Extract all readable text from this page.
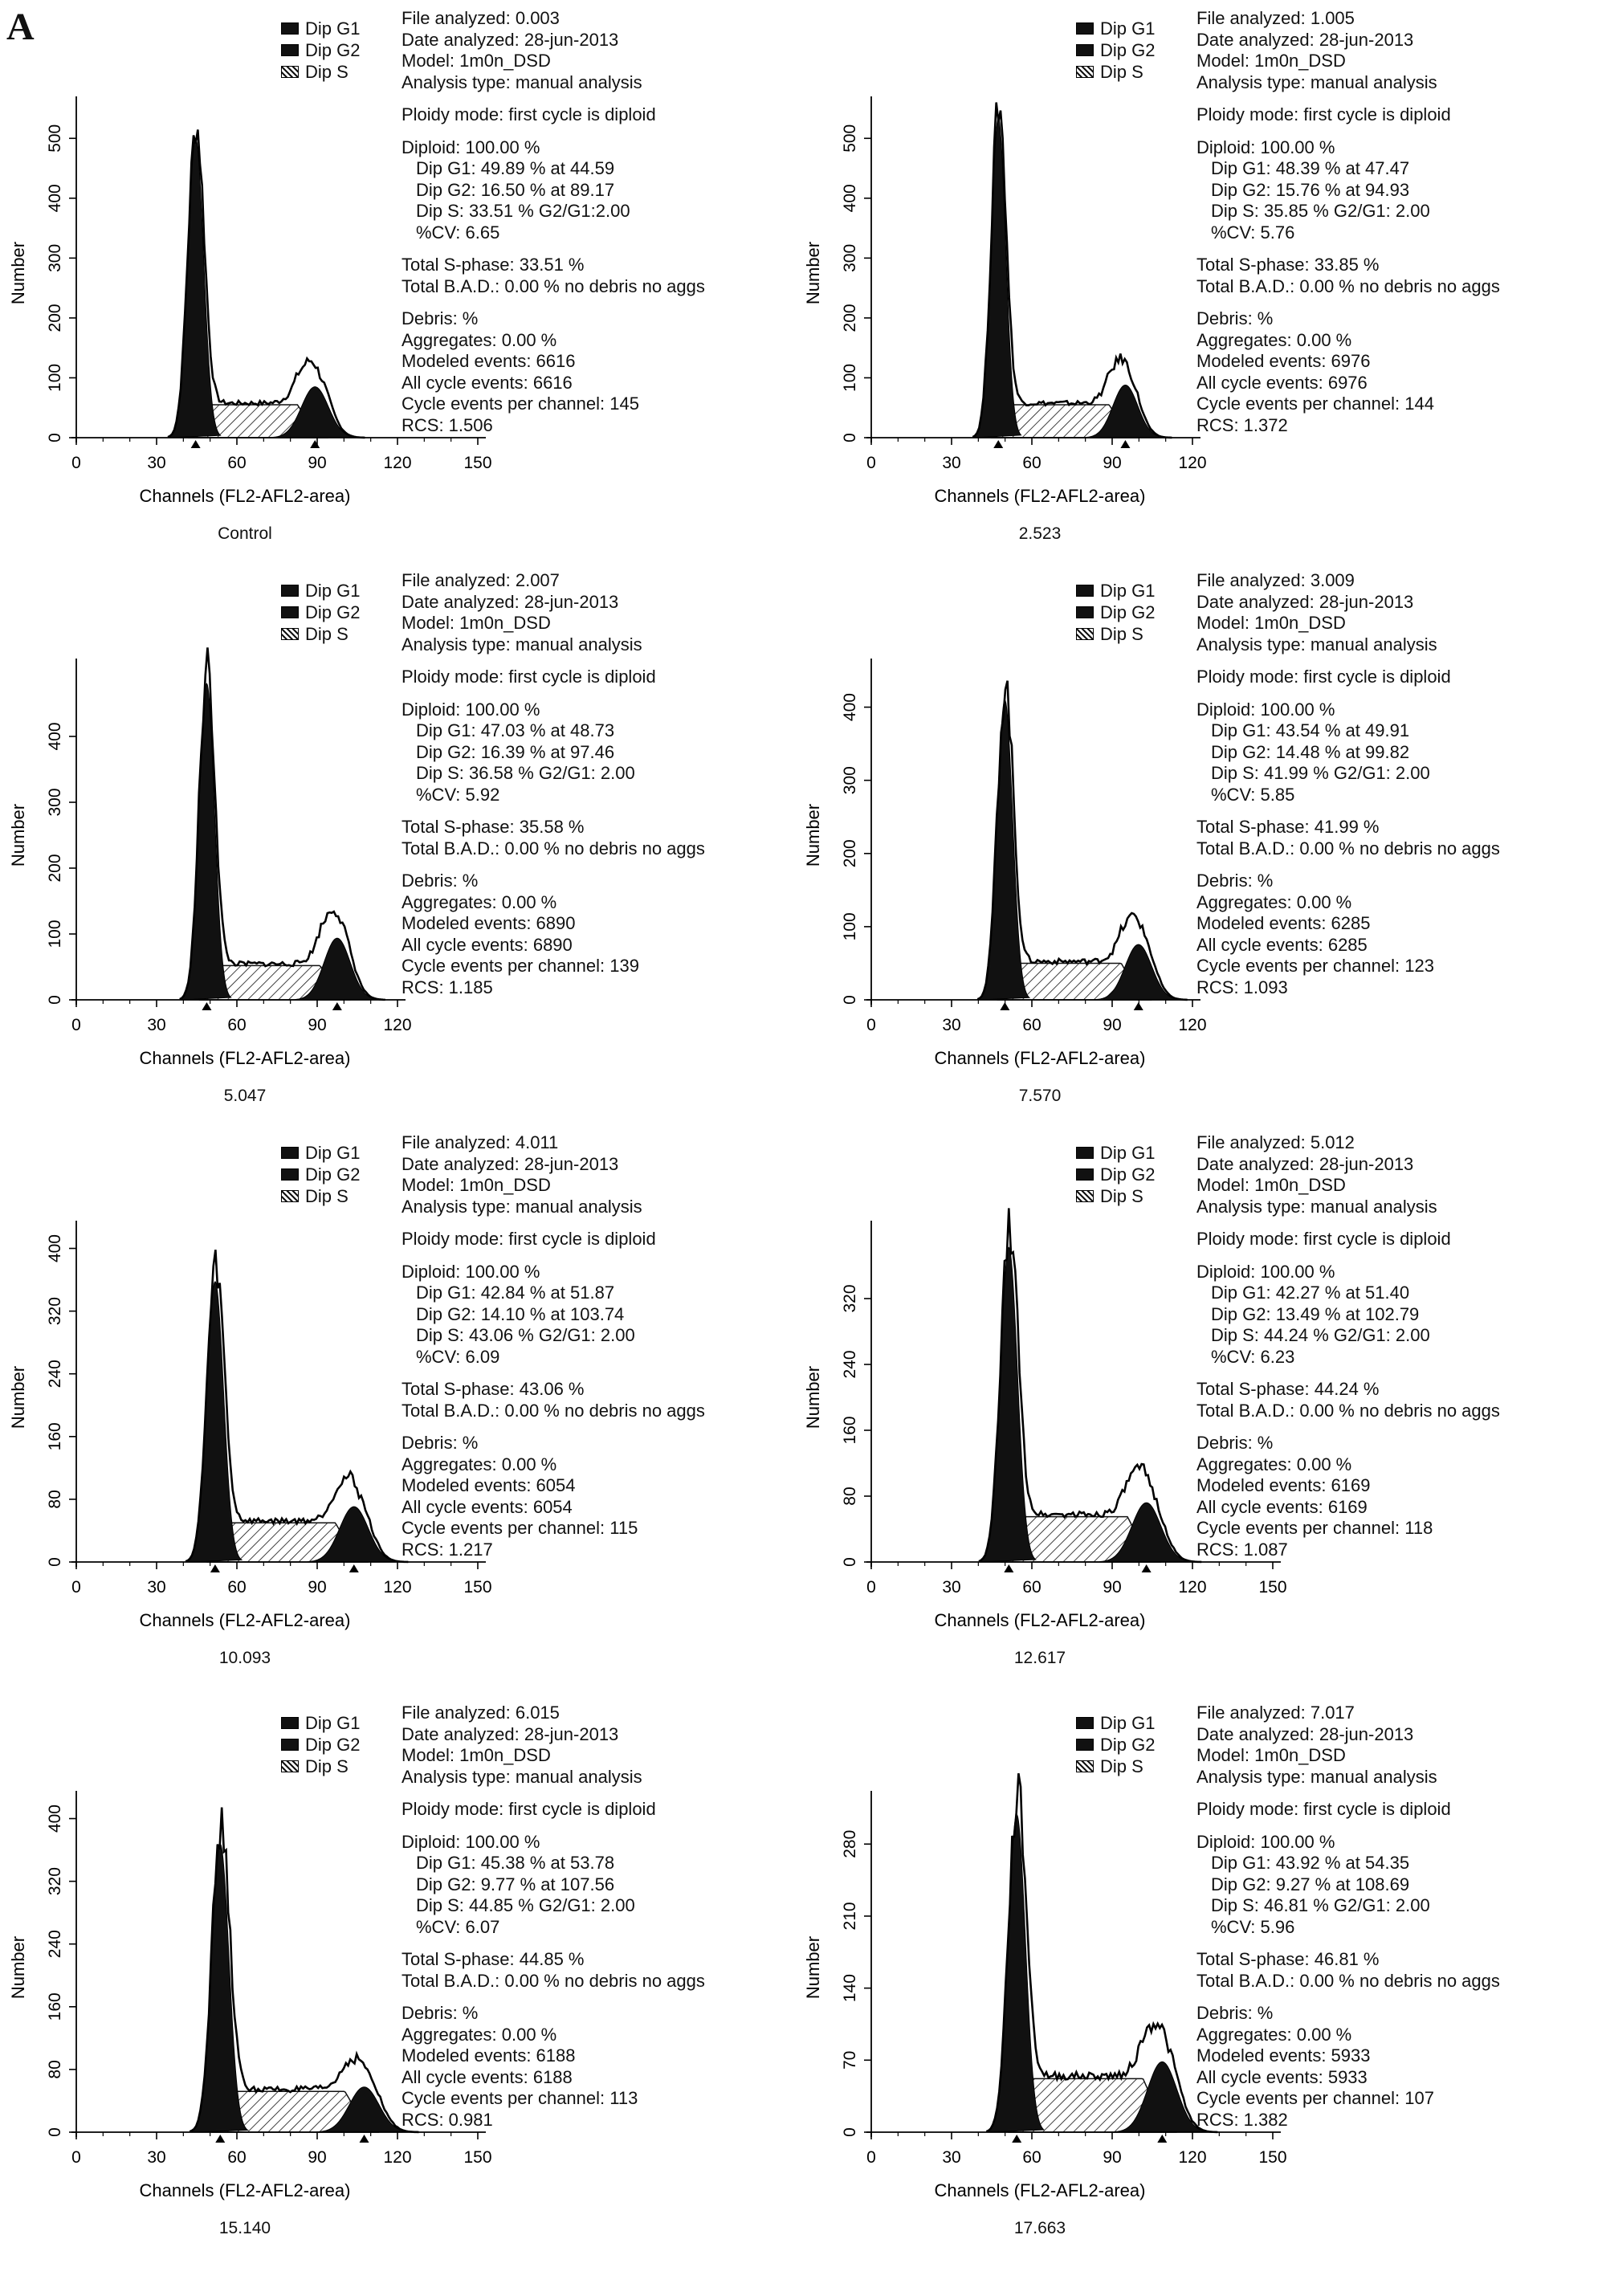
A
0	30	60	90	120	150
0
100
200
300
400
500
Channels (FL2-AFL2-area)
Number
Dip G1
Dip G2
Dip S
File analyzed: 0.003
Date analyzed: 28-jun-2013
Model: 1m0n_DSD
Analysis type: manual analysis
Ploidy mode: first cycle is diploid
Diploid: 100.00 %
Dip G1: 49.89 % at 44.59
Dip G2: 16.50 % at 89.17
Dip S: 33.51 % G2/G1:2.00
%CV: 6.65
Total S-phase: 33.51 %
Total B.A.D.: 0.00 % no debris no aggs
Debris: %
Aggregates: 0.00 %
Modeled events: 6616
All cycle events: 6616
Cycle events per channel: 145
RCS: 1.506
Control
0	30	60	90	120
0
100
200
300
400
500
Channels (FL2-AFL2-area)
Number
Dip G1
Dip G2
Dip S
File analyzed: 1.005
Date analyzed: 28-jun-2013
Model: 1m0n_DSD
Analysis type: manual analysis
Ploidy mode: first cycle is diploid
Diploid: 100.00 %
Dip G1: 48.39 % at 47.47
Dip G2: 15.76 % at 94.93
Dip S: 35.85 % G2/G1: 2.00
%CV: 5.76
Total S-phase: 33.85 %
Total B.A.D.: 0.00 % no debris no aggs
Debris: %
Aggregates: 0.00 %
Modeled events: 6976
All cycle events: 6976
Cycle events per channel: 144
RCS: 1.372
2.523
0	30	60	90	120
0
100
200
300
400
Channels (FL2-AFL2-area)
Number
Dip G1
Dip G2
Dip S
File analyzed: 2.007
Date analyzed: 28-jun-2013
Model: 1m0n_DSD
Analysis type: manual analysis
Ploidy mode: first cycle is diploid
Diploid: 100.00 %
Dip G1: 47.03 % at 48.73
Dip G2: 16.39 % at 97.46
Dip S: 36.58 % G2/G1: 2.00
%CV: 5.92
Total S-phase: 35.58 %
Total B.A.D.: 0.00 % no debris no aggs
Debris: %
Aggregates: 0.00 %
Modeled events: 6890
All cycle events: 6890
Cycle events per channel: 139
RCS: 1.185
5.047
0	30	60	90	120
0
100
200
300
400
Channels (FL2-AFL2-area)
Number
Dip G1
Dip G2
Dip S
File analyzed: 3.009
Date analyzed: 28-jun-2013
Model: 1m0n_DSD
Analysis type: manual analysis
Ploidy mode: first cycle is diploid
Diploid: 100.00 %
Dip G1: 43.54 % at 49.91
Dip G2: 14.48 % at 99.82
Dip S: 41.99 % G2/G1: 2.00
%CV: 5.85
Total S-phase: 41.99 %
Total B.A.D.: 0.00 % no debris no aggs
Debris: %
Aggregates: 0.00 %
Modeled events: 6285
All cycle events: 6285
Cycle events per channel: 123
RCS: 1.093
7.570
0	30	60	90	120	150
0
80
160
240
320
400
Channels (FL2-AFL2-area)
Number
Dip G1
Dip G2
Dip S
File analyzed: 4.011
Date analyzed: 28-jun-2013
Model: 1m0n_DSD
Analysis type: manual analysis
Ploidy mode: first cycle is diploid
Diploid: 100.00 %
Dip G1: 42.84 % at 51.87
Dip G2: 14.10 % at 103.74
Dip S: 43.06 % G2/G1: 2.00
%CV: 6.09
Total S-phase: 43.06 %
Total B.A.D.: 0.00 % no debris no aggs
Debris: %
Aggregates: 0.00 %
Modeled events: 6054
All cycle events: 6054
Cycle events per channel: 115
RCS: 1.217
10.093
0	30	60	90	120	150
0
80
160
240
320
Channels (FL2-AFL2-area)
Number
Dip G1
Dip G2
Dip S
File analyzed: 5.012
Date analyzed: 28-jun-2013
Model: 1m0n_DSD
Analysis type: manual analysis
Ploidy mode: first cycle is diploid
Diploid: 100.00 %
Dip G1: 42.27 % at 51.40
Dip G2: 13.49 % at 102.79
Dip S: 44.24 % G2/G1: 2.00
%CV: 6.23
Total S-phase: 44.24 %
Total B.A.D.: 0.00 % no debris no aggs
Debris: %
Aggregates: 0.00 %
Modeled events: 6169
All cycle events: 6169
Cycle events per channel: 118
RCS: 1.087
12.617
0	30	60	90	120	150
0
80
160
240
320
400
Channels (FL2-AFL2-area)
Number
Dip G1
Dip G2
Dip S
File analyzed: 6.015
Date analyzed: 28-jun-2013
Model: 1m0n_DSD
Analysis type: manual analysis
Ploidy mode: first cycle is diploid
Diploid: 100.00 %
Dip G1: 45.38 % at 53.78
Dip G2: 9.77 % at 107.56
Dip S: 44.85 % G2/G1: 2.00
%CV: 6.07
Total S-phase: 44.85 %
Total B.A.D.: 0.00 % no debris no aggs
Debris: %
Aggregates: 0.00 %
Modeled events: 6188
All cycle events: 6188
Cycle events per channel: 113
RCS: 0.981
15.140
0	30	60	90	120	150
0
70
140
210
280
Channels (FL2-AFL2-area)
Number
Dip G1
Dip G2
Dip S
File analyzed: 7.017
Date analyzed: 28-jun-2013
Model: 1m0n_DSD
Analysis type: manual analysis
Ploidy mode: first cycle is diploid
Diploid: 100.00 %
Dip G1: 43.92 % at 54.35
Dip G2: 9.27 % at 108.69
Dip S: 46.81 % G2/G1: 2.00
%CV: 5.96
Total S-phase: 46.81 %
Total B.A.D.: 0.00 % no debris no aggs
Debris: %
Aggregates: 0.00 %
Modeled events: 5933
All cycle events: 5933
Cycle events per channel: 107
RCS: 1.382
17.663
